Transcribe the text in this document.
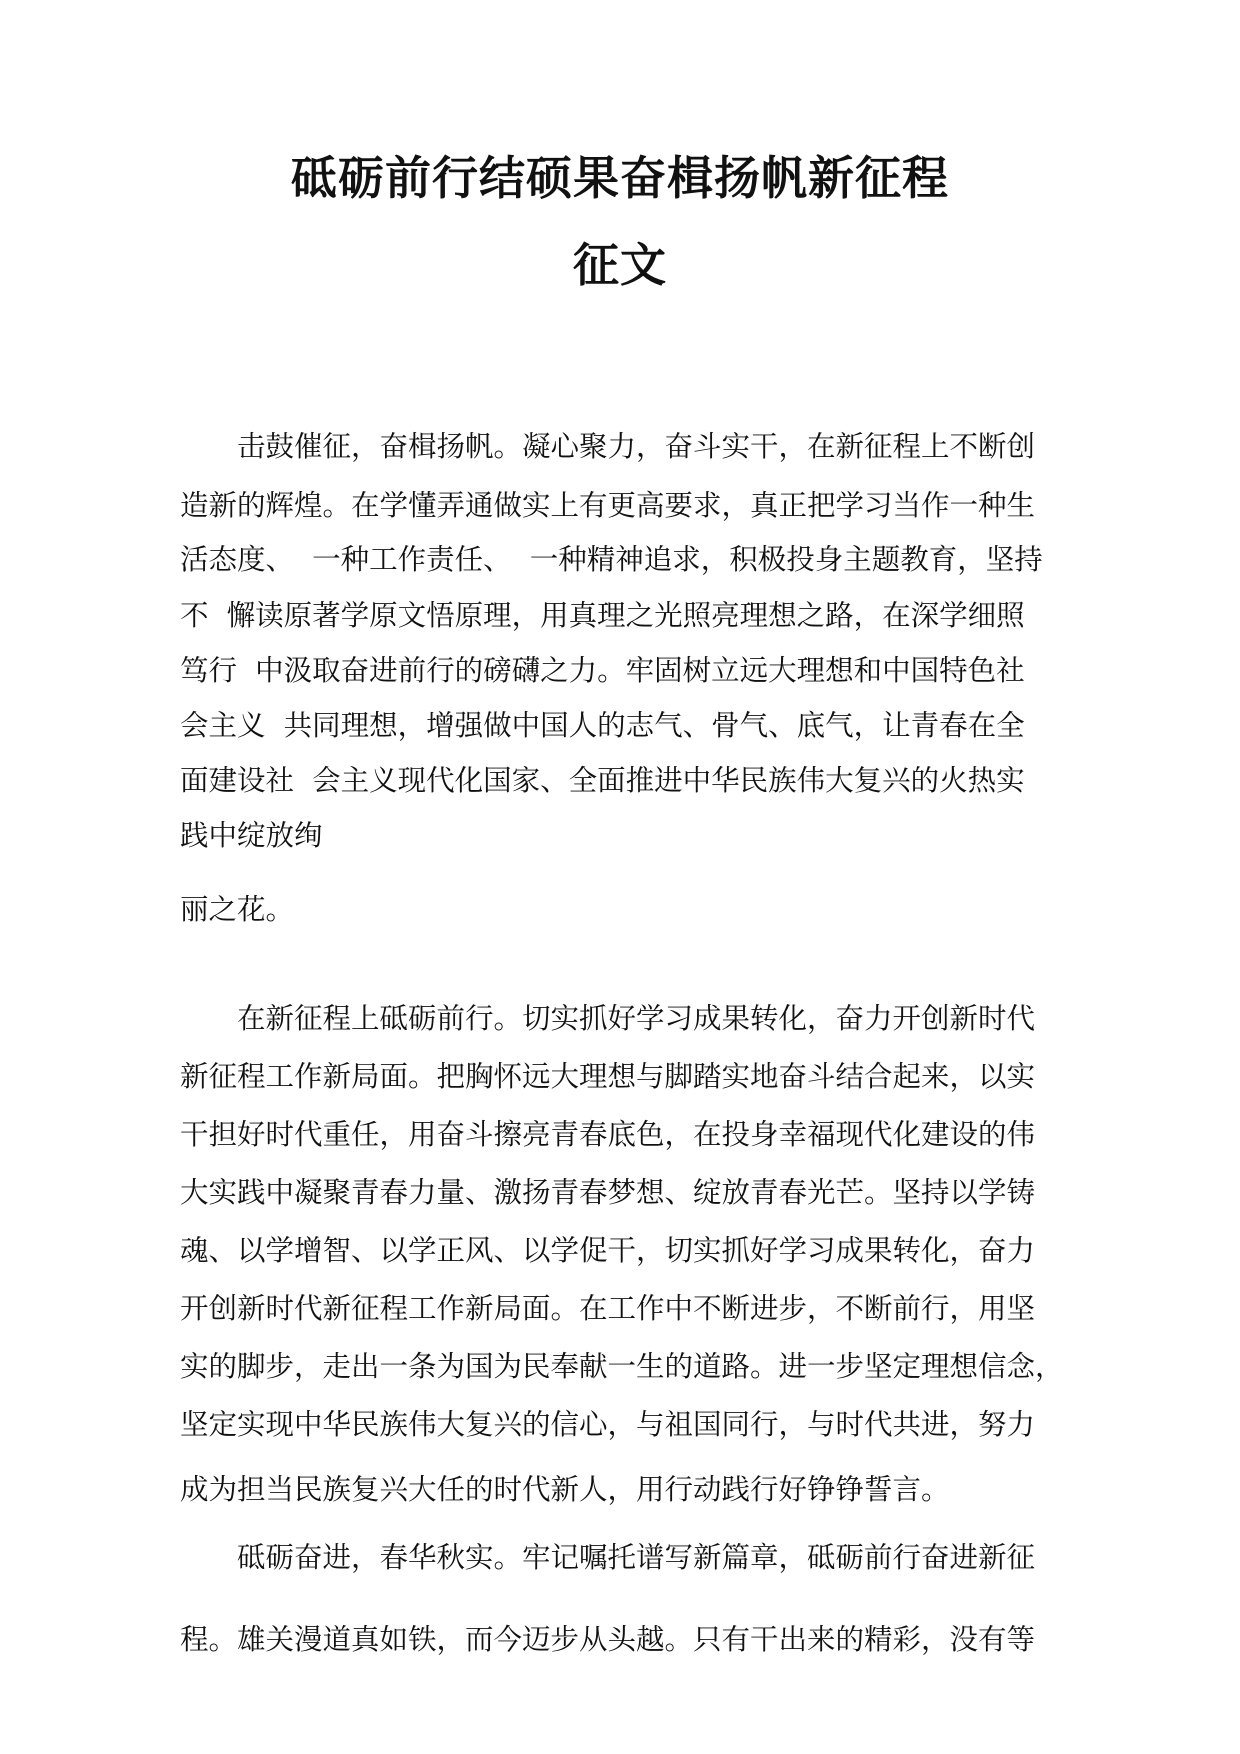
砥砺前行结硕果奋楫扬帆新征程
征文

击鼓催征，奋楫扬帆。凝心聚力，奋斗实干，在新征程上不断创

造新的辉煌。在学懂弄通做实上有更高要求，真正把学习当作一种生

活态度、  一种工作责任、  一种精神追求，积极投身主题教育，坚持

不  懈读原著学原文悟原理，用真理之光照亮理想之路，在深学细照

笃行  中汲取奋进前行的磅礴之力。牢固树立远大理想和中国特色社

会主义  共同理想，增强做中国人的志气、骨气、底气，让青春在全

面建设社  会主义现代化国家、全面推进中华民族伟大复兴的火热实

践中绽放绚

丽之花。

在新征程上砥砺前行。切实抓好学习成果转化，奋力开创新时代

新征程工作新局面。把胸怀远大理想与脚踏实地奋斗结合起来，以实

干担好时代重任，用奋斗擦亮青春底色，在投身幸福现代化建设的伟

大实践中凝聚青春力量、激扬青春梦想、绽放青春光芒。坚持以学铸

魂、以学增智、以学正风、以学促干，切实抓好学习成果转化，奋力

开创新时代新征程工作新局面。在工作中不断进步，不断前行，用坚

实的脚步，走出一条为国为民奉献一生的道路。进一步坚定理想信念，

坚定实现中华民族伟大复兴的信心，与祖国同行，与时代共进，努力

成为担当民族复兴大任的时代新人，用行动践行好铮铮誓言。

砥砺奋进，春华秋实。牢记嘱托谱写新篇章，砥砺前行奋进新征

程。雄关漫道真如铁，而今迈步从头越。只有干出来的精彩，没有等
